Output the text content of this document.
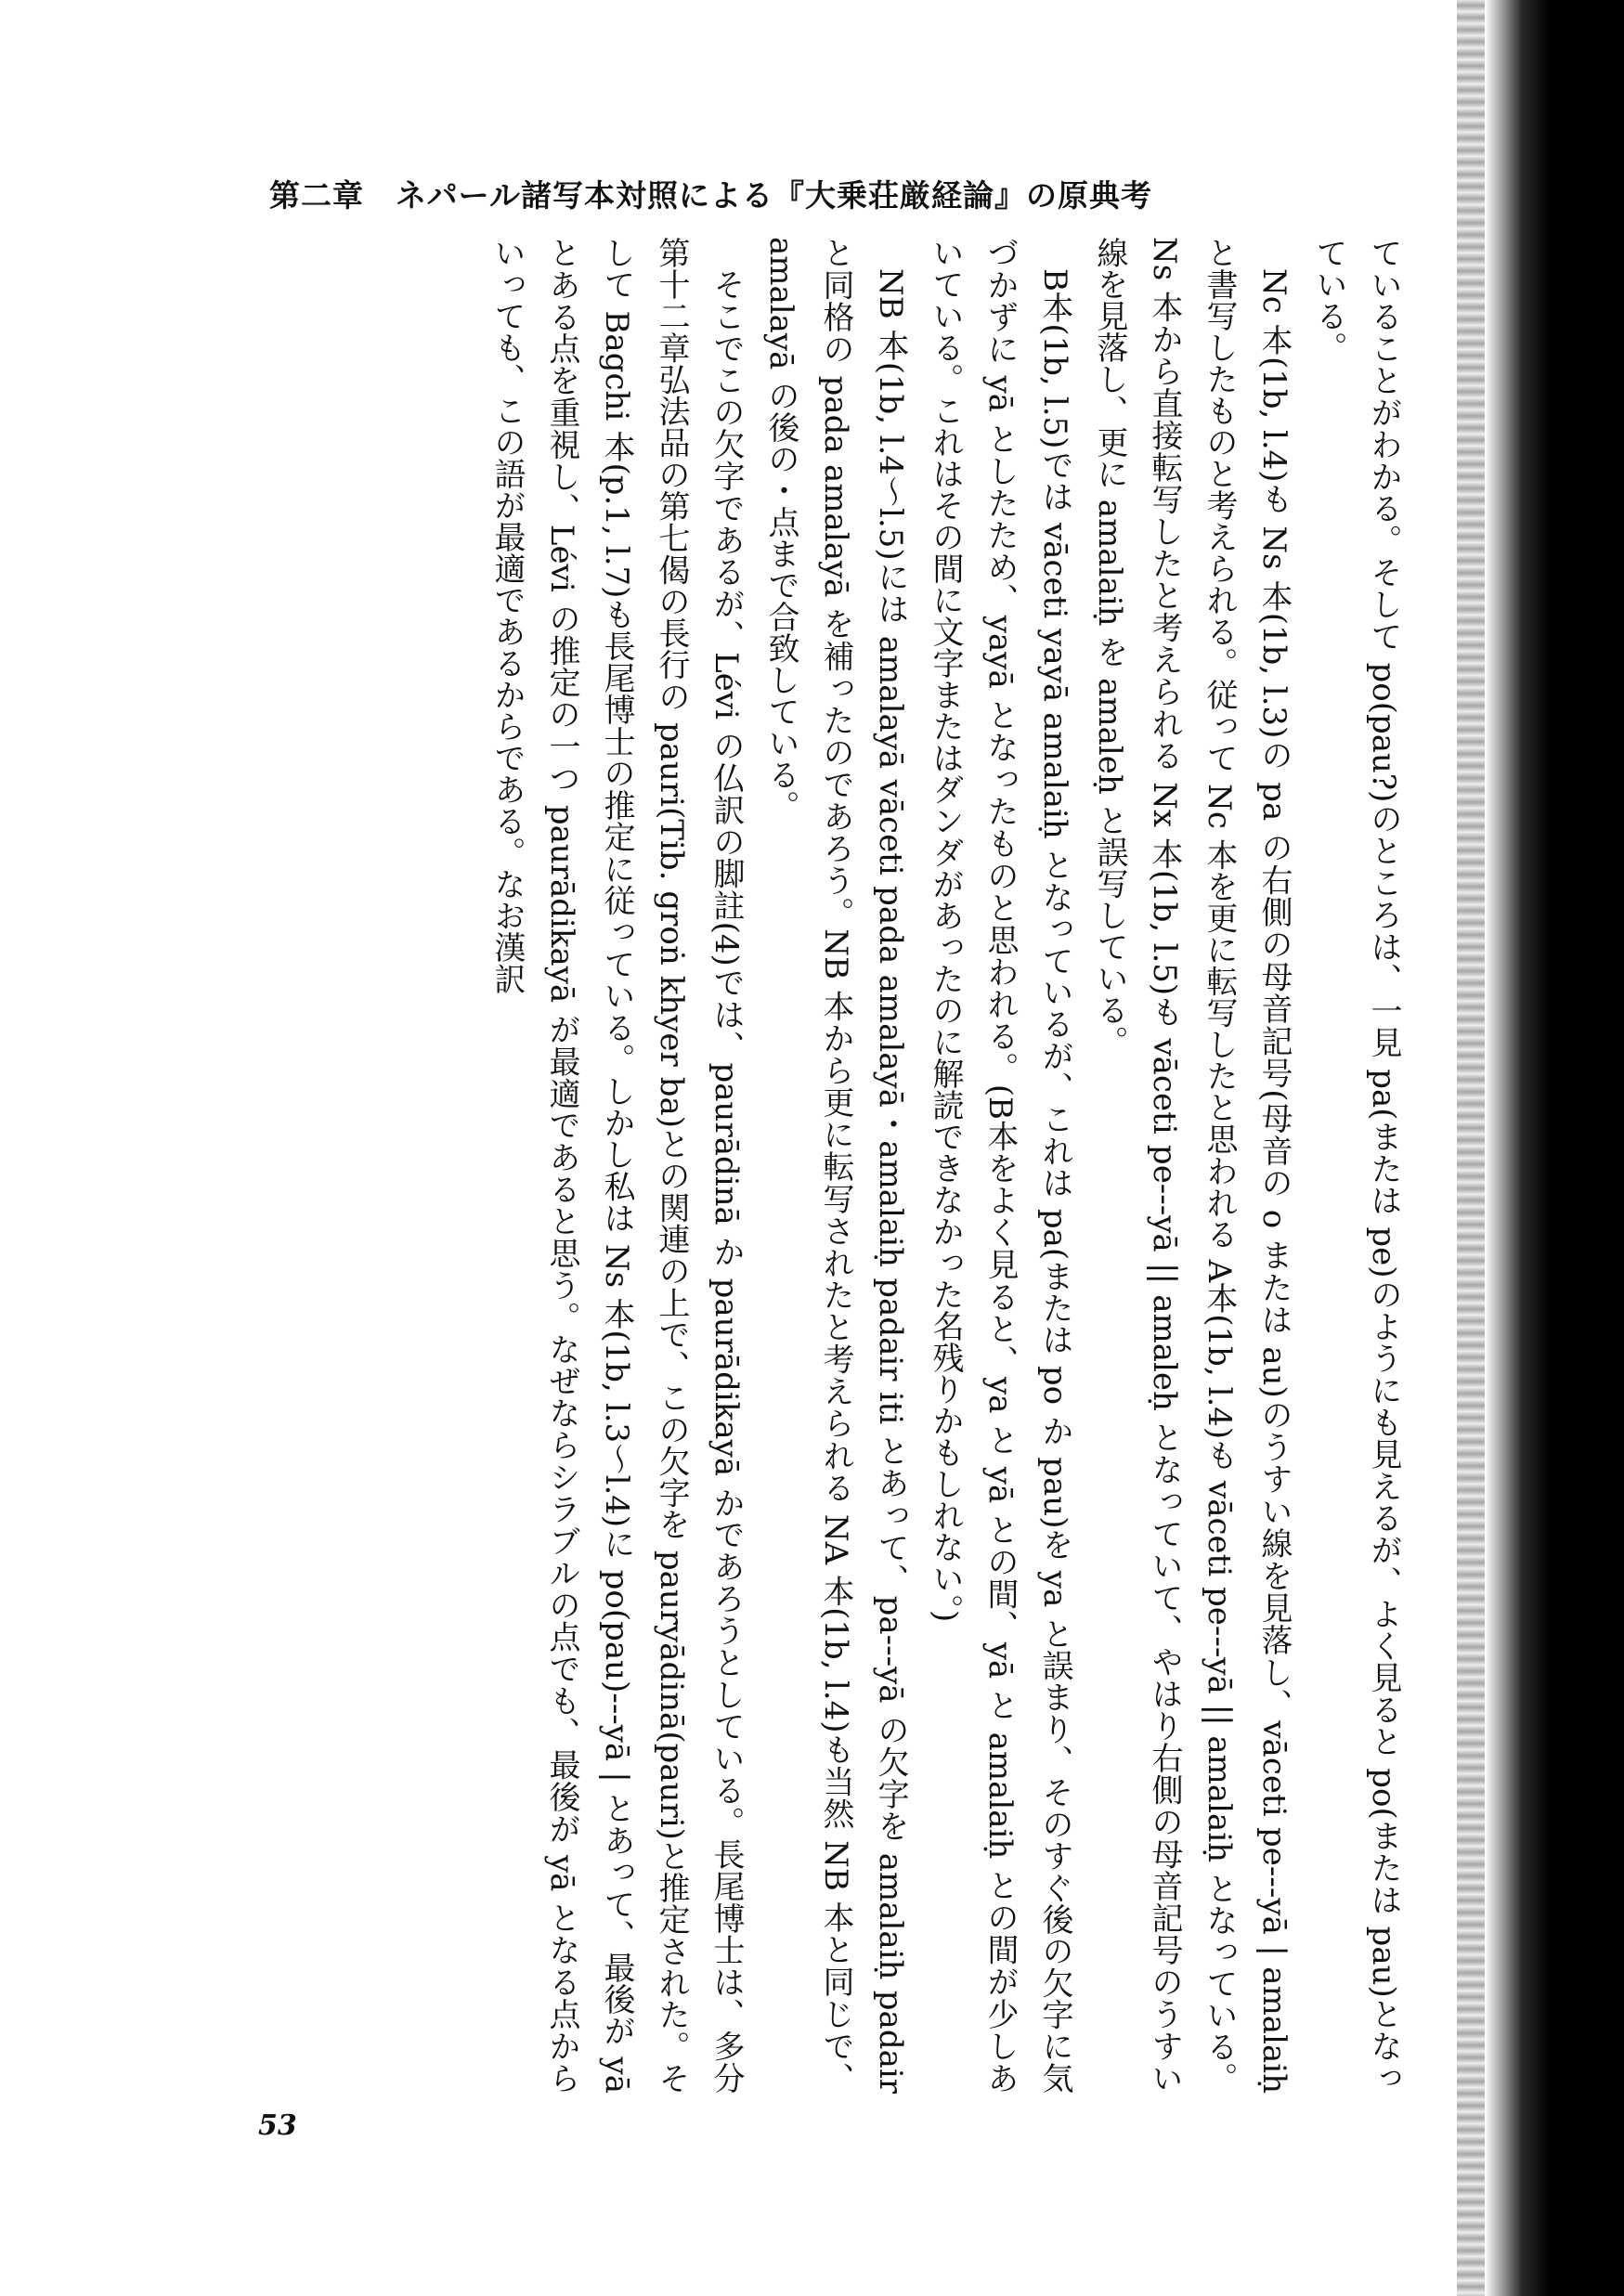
第二章　ネパール諸写本対照による『大乗荘厳経論』の原典考

ていることがわかる。そして po(pau?)のところは、一見 pa(または pe)のようにも見えるが、よく見ると po(または pau)となっている。

Nc 本(1b, l.4)も Ns 本(1b, l.3)の pa の右側の母音記号(母音の o または au)のうすい線を見落し、vāceti pe‑‑‑yā | amalaiḥ と書写したものと考えられる。従って Nc 本を更に転写したと思われる A本(1b, l.4)も vāceti pe‑‑‑yā || amalaiḥ となっている。Ns 本から直接転写したと考えられる Nx 本(1b, l.5)も vāceti pe‑‑‑yā || amaleḥ となっていて、やはり右側の母音記号のうすい線を見落し、更に amalaiḥ を amaleḥ と誤写している。

B本(1b, l.5)では vāceti yayā amalaiḥ となっているが、これは pa(または po か pau)を ya と誤まり、そのすぐ後の欠字に気づかずに yā としたため、yayā となったものと思われる。(B本をよく見ると、ya と yā との間、yā と amalaiḥ との間が少しあいている。これはその間に文字またはダンダがあったのに解読できなかった名残りかもしれない。)

NB 本(1b, l.4〜l.5)には amalayā vāceti pada amalayā・amalaiḥ padair iti とあって、pa‑‑‑yā の欠字を amalaiḥ padair と同格の pada amalayā を補ったのであろう。NB 本から更に転写されたと考えられる NA 本(1b, l.4)も当然 NB 本と同じで、amalayā の後の・点まで合致している。

そこでこの欠字であるが、Lévi の仏訳の脚註(4)では、paurādinā か paurādikayā かであろうとしている。長尾博士は、多分第十二章弘法品の第七偈の長行の pauri(Tib. groṅ khyer ba)との関連の上で、この欠字を pauryādinā(pauri)と推定された。そして Bagchi 本(p.1, l.7)も長尾博士の推定に従っている。しかし私は Ns 本(1b, l.3〜l.4)に po(pau)‑‑‑yā | とあって、最後が yā とある点を重視し、Lévi の推定の一つ paurādikayā が最適であると思う。なぜならシラブルの点でも、最後が yā となる点からいっても、この語が最適であるからである。なお漢訳

53
